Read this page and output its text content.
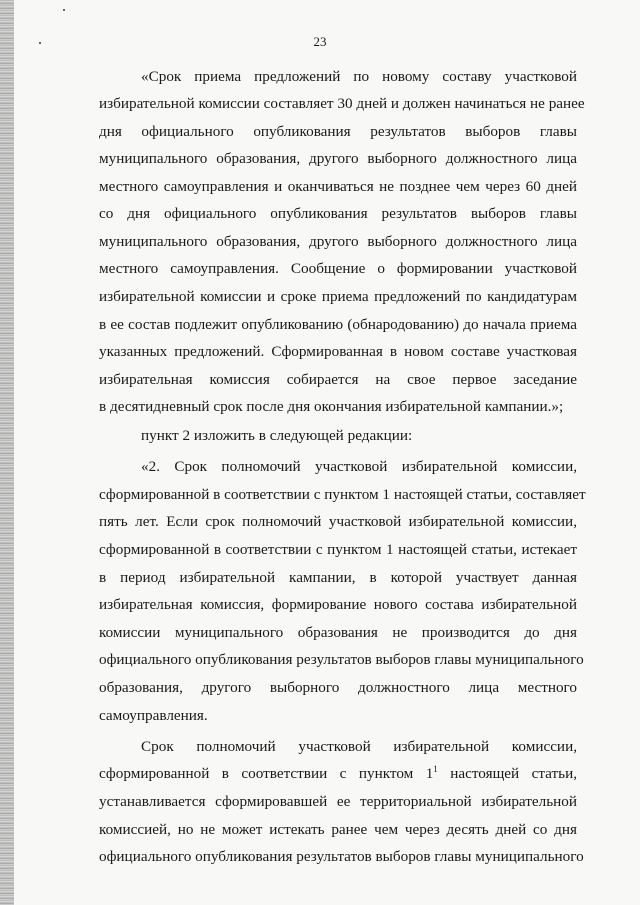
23
«Срок приема предложений по новому составу участковой
избирательной комиссии составляет 30 дней и должен начинаться не ранее
дня официального опубликования результатов выборов главы
муниципального образования, другого выборного должностного лица
местного самоуправления и оканчиваться не позднее чем через 60 дней
со дня официального опубликования результатов выборов главы
муниципального образования, другого выборного должностного лица
местного самоуправления. Сообщение о формировании участковой
избирательной комиссии и сроке приема предложений по кандидатурам
в ее состав подлежит опубликованию (обнародованию) до начала приема
указанных предложений. Сформированная в новом составе участковая
избирательная комиссия собирается на свое первое заседание
в десятидневный срок после дня окончания избирательной кампании.»;
пункт 2 изложить в следующей редакции:
«2. Срок полномочий участковой избирательной комиссии,
сформированной в соответствии с пунктом 1 настоящей статьи, составляет
пять лет. Если срок полномочий участковой избирательной комиссии,
сформированной в соответствии с пунктом 1 настоящей статьи, истекает
в период избирательной кампании, в которой участвует данная
избирательная комиссия, формирование нового состава избирательной
комиссии муниципального образования не производится до дня
официального опубликования результатов выборов главы муниципального
образования, другого выборного должностного лица местного
самоуправления.
Срок полномочий участковой избирательной комиссии,
сформированной в соответствии с пунктом $1^1$ настоящей статьи,
устанавливается сформировавшей ее территориальной избирательной
комиссией, но не может истекать ранее чем через десять дней со дня
официального опубликования результатов выборов главы муниципального
